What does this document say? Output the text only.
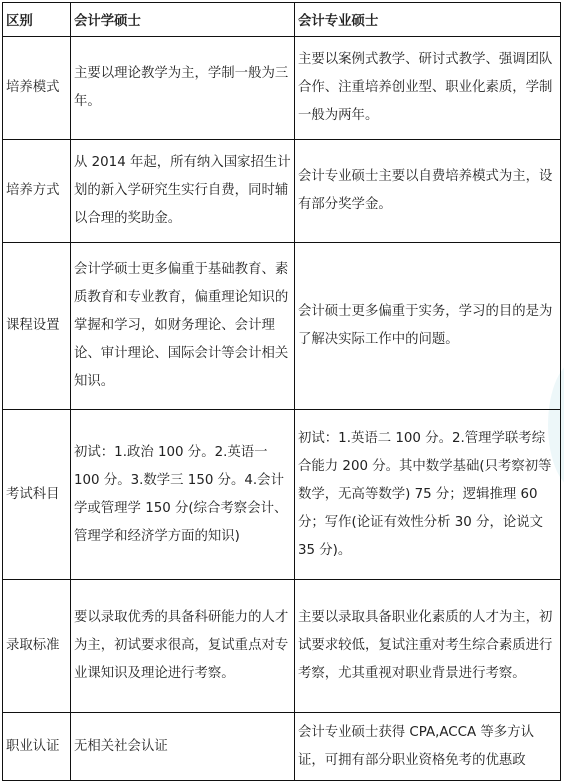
区别	会计学硕士	会计专业硕士
培养模式	主要以理论教学为主，学制一般为三年。	主要以案例式教学、研讨式教学、强调团队合作、注重培养创业型、职业化素质，学制一般为两年。
培养方式	从 2014 年起，所有纳入国家招生计划的新入学研究生实行自费，同时辅以合理的奖助金。	会计专业硕士主要以自费培养模式为主，设有部分奖学金。
课程设置	会计学硕士更多偏重于基础教育、素质教育和专业教育，偏重理论知识的掌握和学习，如财务理论、会计理论、审计理论、国际会计等会计相关知识。	会计硕士更多偏重于实务，学习的目的是为了解决实际工作中的问题。
考试科目	初试：1.政治 100 分。2.英语一 100 分。3.数学三 150 分。4.会计学或管理学 150 分(综合考察会计、管理学和经济学方面的知识)	初试：1.英语二 100 分。2.管理学联考综合能力 200 分。其中数学基础(只考察初等数学，无高等数学) 75 分；逻辑推理 60 分；写作(论证有效性分析 30 分，论说文 35 分)。
录取标准	要以录取优秀的具备科研能力的人才为主，初试要求很高，复试重点对专业课知识及理论进行考察。	主要以录取具备职业化素质的人才为主，初试要求较低，复试注重对考生综合素质进行考察，尤其重视对职业背景进行考察。
职业认证	无相关社会认证	会计专业硕士获得 CPA,ACCA 等多方认证，可拥有部分职业资格免考的优惠政
